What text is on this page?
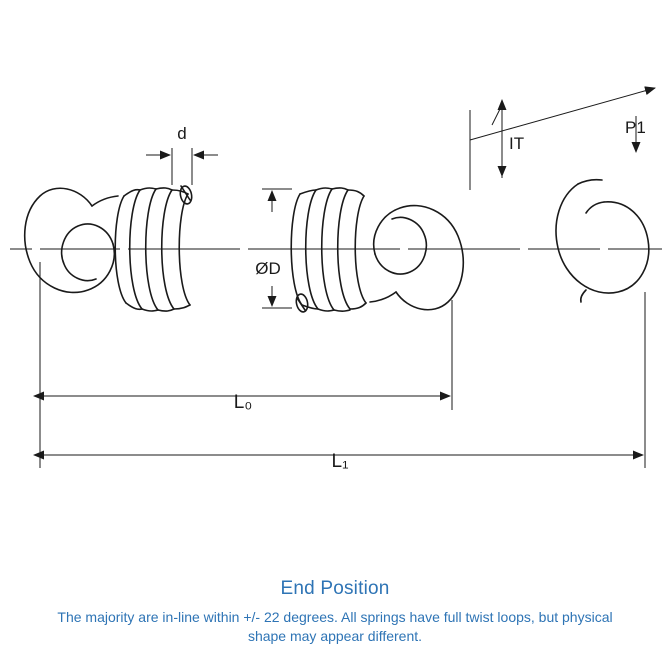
d
ØD
IT
P1
L₀
L₁
End Position
The majority are in-line within +/- 22 degrees. All springs have full twist loops, but physical shape may appear different.
